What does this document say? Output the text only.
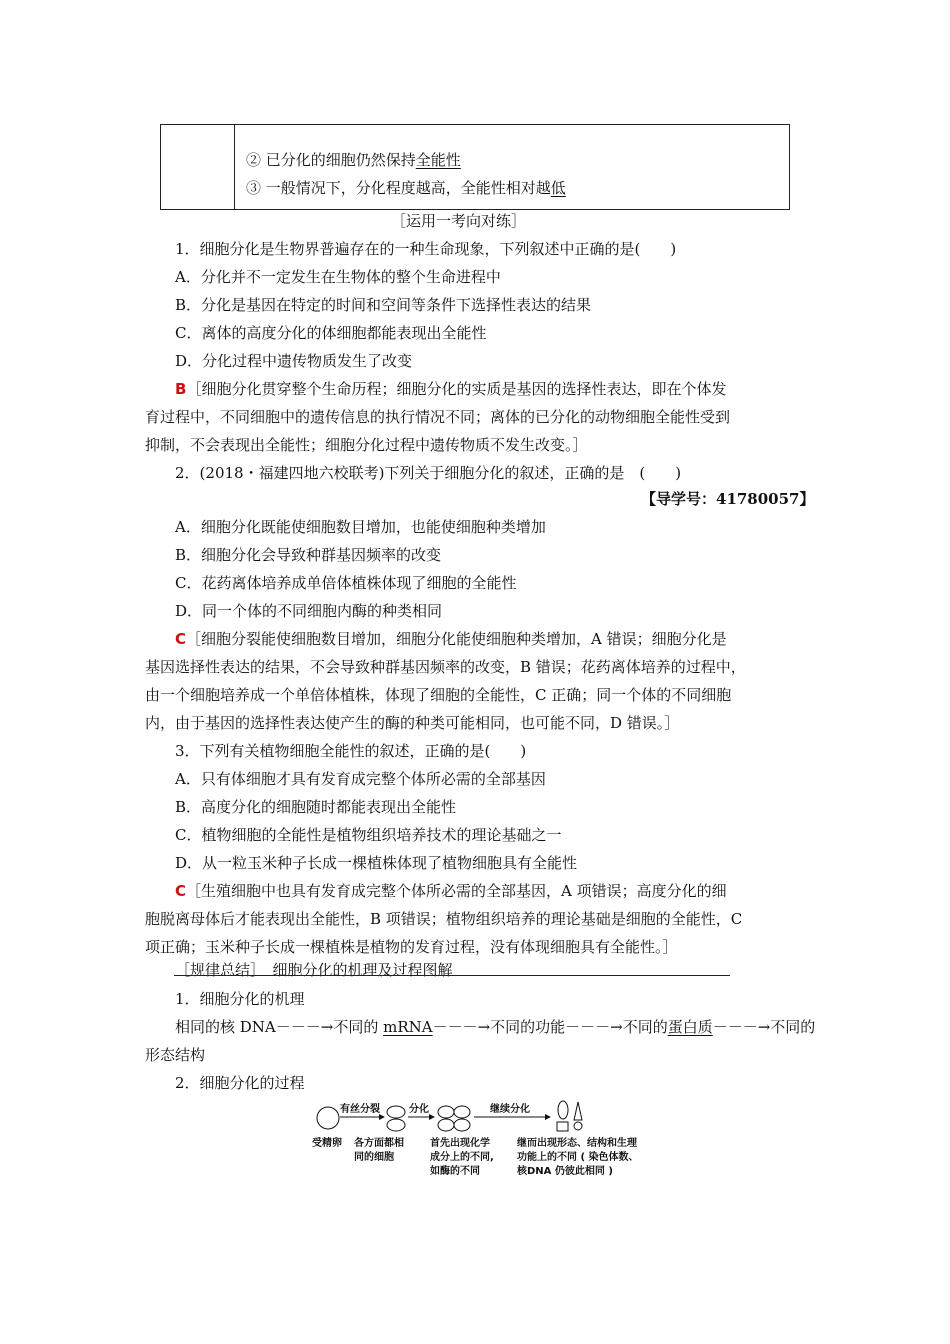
② 已分化的细胞仍然保持全能性
③ 一般情况下，分化程度越高，全能性相对越低
［运用一考向对练］
1．细胞分化是生物界普遍存在的一种生命现象，下列叙述中正确的是(　　)
A．分化并不一定发生在生物体的整个生命进程中
B．分化是基因在特定的时间和空间等条件下选择性表达的结果
C．离体的高度分化的体细胞都能表现出全能性
D．分化过程中遗传物质发生了改变
B［细胞分化贯穿整个生命历程；细胞分化的实质是基因的选择性表达，即在个体发
育过程中，不同细胞中的遗传信息的执行情况不同；离体的已分化的动物细胞全能性受到
抑制，不会表现出全能性；细胞分化过程中遗传物质不发生改变。］
2．(2018・福建四地六校联考)下列关于细胞分化的叙述，正确的是　(　　)
【导学号：41780057】
A．细胞分化既能使细胞数目增加，也能使细胞种类增加
B．细胞分化会导致种群基因频率的改变
C．花药离体培养成单倍体植株体现了细胞的全能性
D．同一个体的不同细胞内酶的种类相同
C［细胞分裂能使细胞数目增加，细胞分化能使细胞种类增加，A 错误；细胞分化是
基因选择性表达的结果，不会导致种群基因频率的改变，B 错误；花药离体培养的过程中，
由一个细胞培养成一个单倍体植株，体现了细胞的全能性，C 正确；同一个体的不同细胞
内，由于基因的选择性表达使产生的酶的种类可能相同，也可能不同，D 错误。］
3．下列有关植物细胞全能性的叙述，正确的是(　　)
A．只有体细胞才具有发育成完整个体所必需的全部基因
B．高度分化的细胞随时都能表现出全能性
C．植物细胞的全能性是植物组织培养技术的理论基础之一
D．从一粒玉米种子长成一棵植株体现了植物细胞具有全能性
C［生殖细胞中也具有发育成完整个体所必需的全部基因，A 项错误；高度分化的细
胞脱离母体后才能表现出全能性，B 项错误；植物组织培养的理论基础是细胞的全能性，C
项正确；玉米种子长成一棵植株是植物的发育过程，没有体现细胞具有全能性。］
［规律总结］　细胞分化的机理及过程图解
1．细胞分化的机理
相同的核 DNA－－－→不同的 mRNA－－－→不同的功能－－－→不同的蛋白质－－－→不同的
形态结构
2．细胞分化的过程
有丝分裂	分化	继续分化
受精卵 各方面都相
同的细胞
首先出现化学
成分上的不同,
如酶的不同
继而出现形态、结构和生理
功能上的不同 ( 染色体数、
核DNA 仍彼此相同 )
